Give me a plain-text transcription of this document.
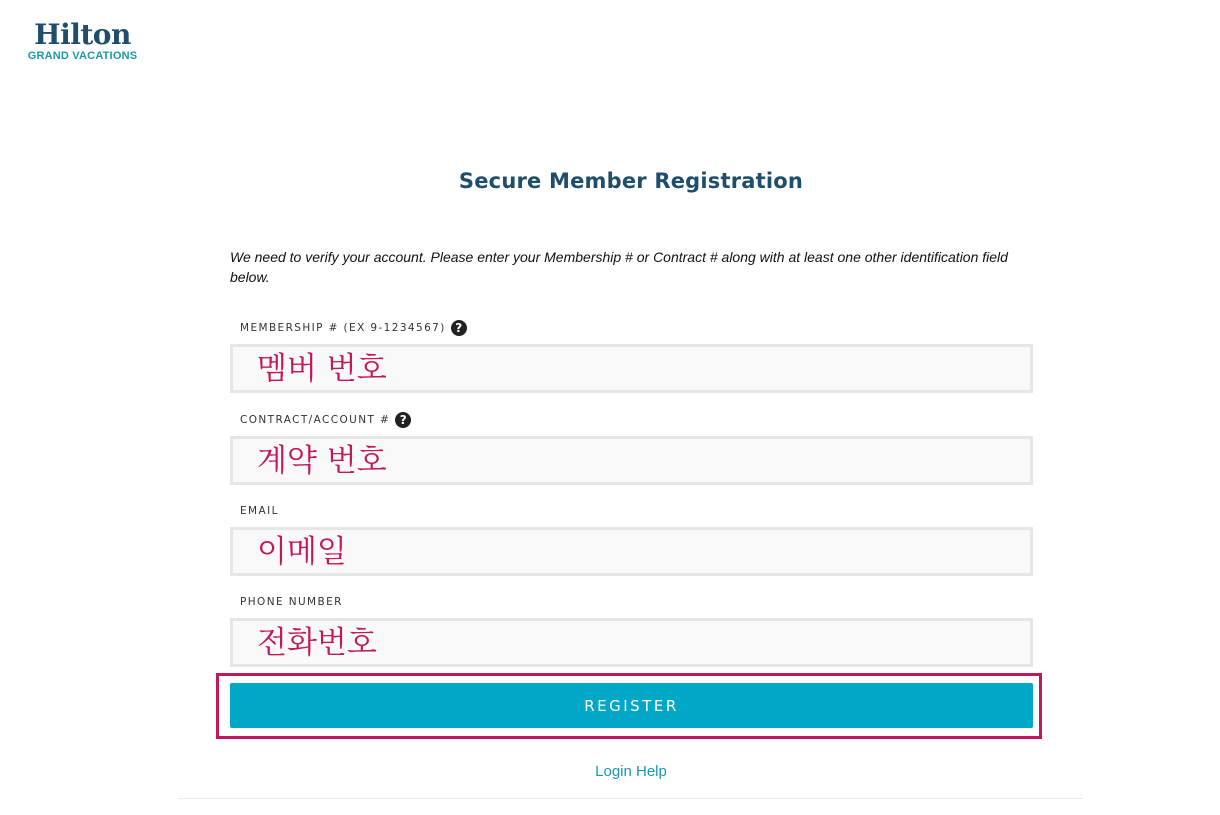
Hilton
GRAND VACATIONS
Secure Member Registration

We need to verify your account. Please enter your Membership # or Contract # along with at least one other identification field below.

MEMBERSHIP # (EX 9-1234567) ?
멤버 번호
CONTRACT/ACCOUNT # ?
계약 번호
EMAIL
이메일
PHONE NUMBER
전화번호
REGISTER
Login Help
